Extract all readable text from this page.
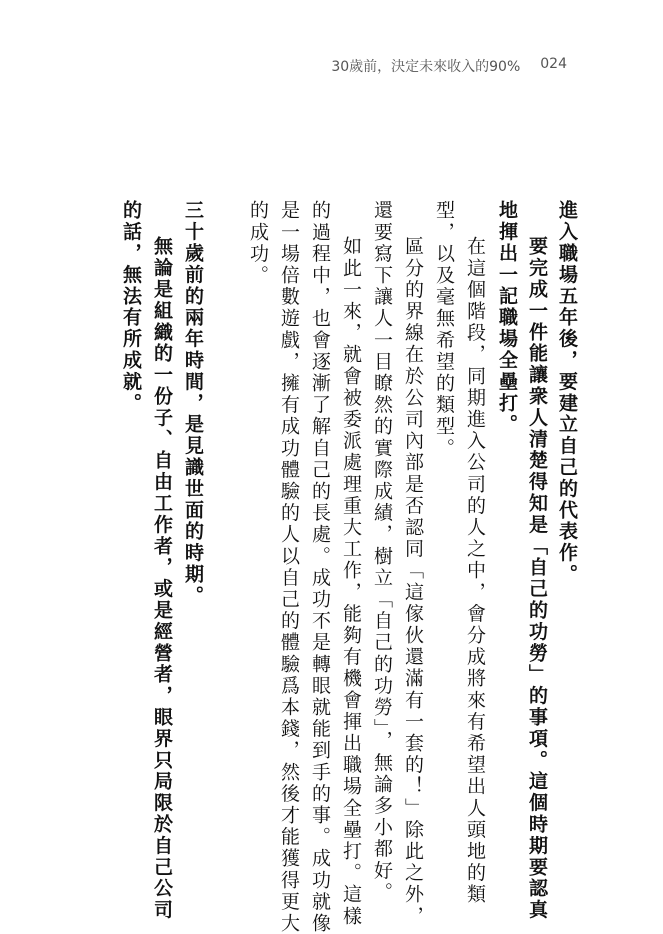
30歲前，決定未來收入的90% 024
進入職場五年後，要建立自己的代表作。
要完成一件能讓衆人清楚得知是「自己的功勞」的事項。這個時期要認真
地揮出一記職場全壘打。
在這個階段，同期進入公司的人之中，會分成將來有希望出人頭地的類
型，以及毫無希望的類型。
區分的界線在於公司內部是否認同「這傢伙還滿有一套的！」除此之外，
還要寫下讓人一目瞭然的實際成績，樹立「自己的功勞」，無論多小都好。
如此一來，就會被委派處理重大工作，能夠有機會揮出職場全壘打。這樣
的過程中，也會逐漸了解自己的長處。成功不是轉眼就能到手的事。成功就像
是一場倍數遊戲，擁有成功體驗的人以自己的體驗爲本錢，然後才能獲得更大
的成功。
三十歲前的兩年時間，是見識世面的時期。
無論是組織的一份子、自由工作者，或是經營者，眼界只局限於自己公司
的話，無法有所成就。
